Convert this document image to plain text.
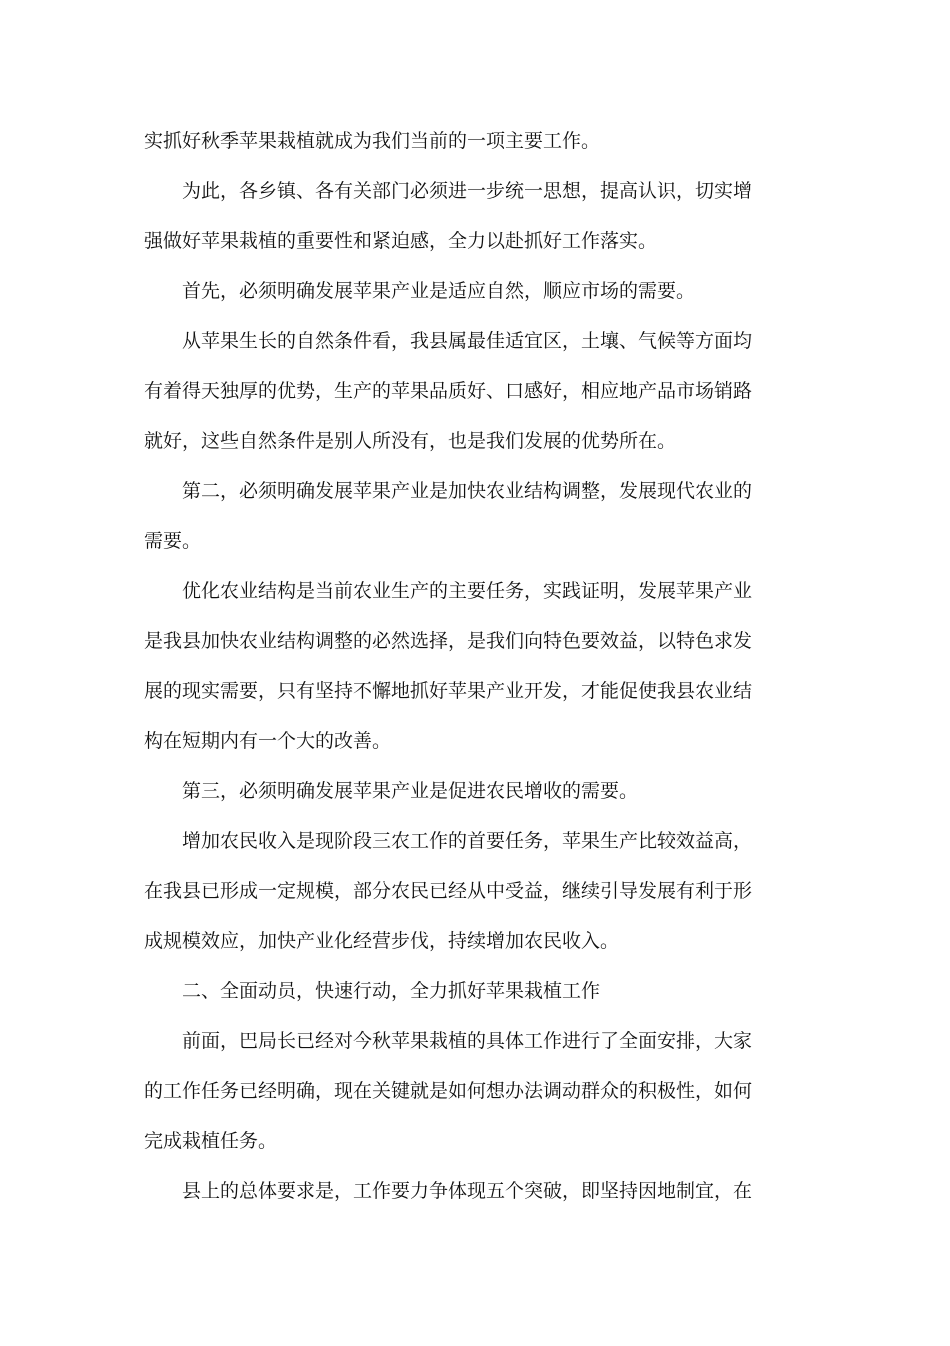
实抓好秋季苹果栽植就成为我们当前的一项主要工作。

为此，各乡镇、各有关部门必须进一步统一思想，提高认识，切实增强做好苹果栽植的重要性和紧迫感，全力以赴抓好工作落实。

首先，必须明确发展苹果产业是适应自然，顺应市场的需要。

从苹果生长的自然条件看，我县属最佳适宜区，土壤、气候等方面均有着得天独厚的优势，生产的苹果品质好、口感好，相应地产品市场销路就好，这些自然条件是别人所没有，也是我们发展的优势所在。

第二，必须明确发展苹果产业是加快农业结构调整，发展现代农业的需要。

优化农业结构是当前农业生产的主要任务，实践证明，发展苹果产业是我县加快农业结构调整的必然选择，是我们向特色要效益，以特色求发展的现实需要，只有坚持不懈地抓好苹果产业开发，才能促使我县农业结构在短期内有一个大的改善。

第三，必须明确发展苹果产业是促进农民增收的需要。

增加农民收入是现阶段三农工作的首要任务，苹果生产比较效益高，在我县已形成一定规模，部分农民已经从中受益，继续引导发展有利于形成规模效应，加快产业化经营步伐，持续增加农民收入。

二、全面动员，快速行动，全力抓好苹果栽植工作

前面，巴局长已经对今秋苹果栽植的具体工作进行了全面安排，大家的工作任务已经明确，现在关键就是如何想办法调动群众的积极性，如何完成栽植任务。

县上的总体要求是，工作要力争体现五个突破，即坚持因地制宜，在
